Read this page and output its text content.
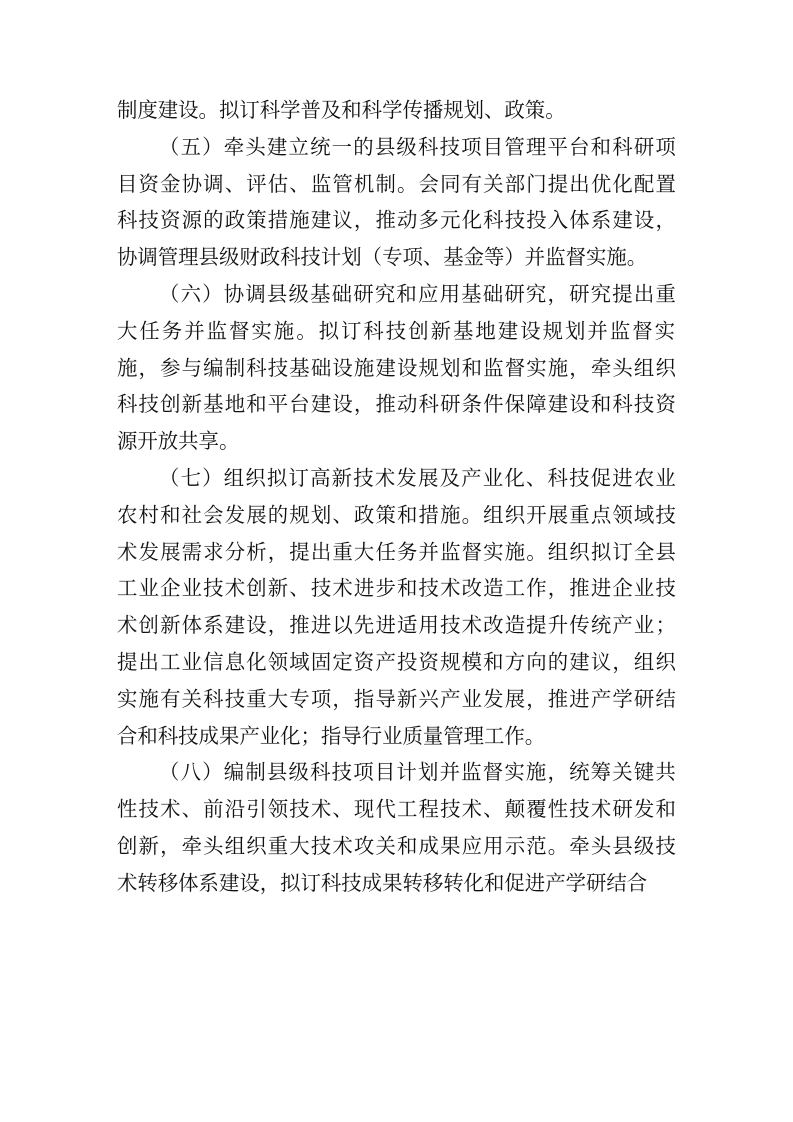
制度建设。拟订科学普及和科学传播规划、政策。

（五）牵头建立统一的县级科技项目管理平台和科研项
目资金协调、评估、监管机制。会同有关部门提出优化配置
科技资源的政策措施建议，推动多元化科技投入体系建设，
协调管理县级财政科技计划（专项、基金等）并监督实施。

（六）协调县级基础研究和应用基础研究，研究提出重
大任务并监督实施。拟订科技创新基地建设规划并监督实
施，参与编制科技基础设施建设规划和监督实施，牵头组织
科技创新基地和平台建设，推动科研条件保障建设和科技资
源开放共享。

（七）组织拟订高新技术发展及产业化、科技促进农业
农村和社会发展的规划、政策和措施。组织开展重点领域技
术发展需求分析，提出重大任务并监督实施。组织拟订全县
工业企业技术创新、技术进步和技术改造工作，推进企业技
术创新体系建设，推进以先进适用技术改造提升传统产业；
提出工业信息化领域固定资产投资规模和方向的建议，组织
实施有关科技重大专项，指导新兴产业发展，推进产学研结
合和科技成果产业化；指导行业质量管理工作。

（八）编制县级科技项目计划并监督实施，统筹关键共
性技术、前沿引领技术、现代工程技术、颠覆性技术研发和
创新，牵头组织重大技术攻关和成果应用示范。牵头县级技
术转移体系建设，拟订科技成果转移转化和促进产学研结合
